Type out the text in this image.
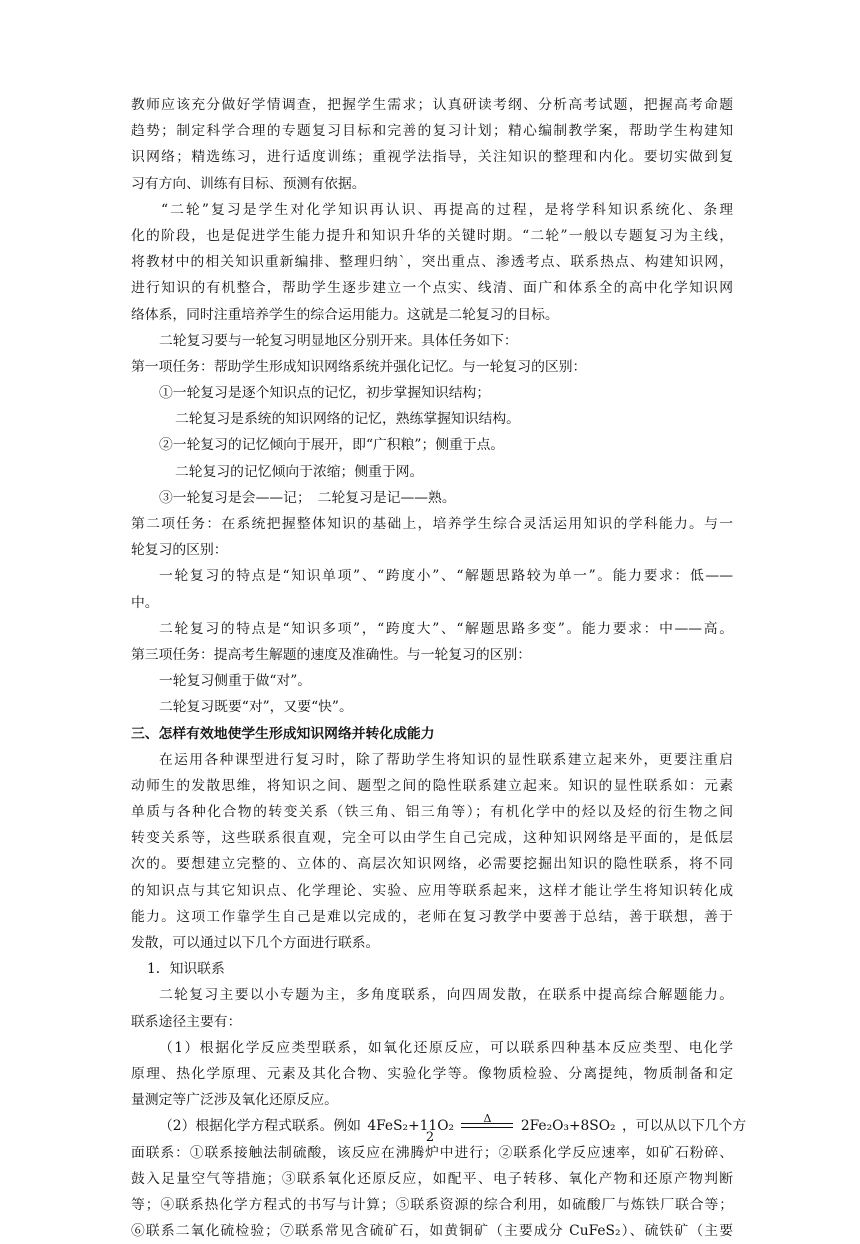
教师应该充分做好学情调查，把握学生需求；认真研读考纲、分析高考试题，把握高考命题
趋势；制定科学合理的专题复习目标和完善的复习计划；精心编制教学案，帮助学生构建知
识网络；精选练习，进行适度训练；重视学法指导，关注知识的整理和内化。要切实做到复
习有方向、训练有目标、预测有依据。
“二轮”复习是学生对化学知识再认识、再提高的过程，是将学科知识系统化、条理
化的阶段，也是促进学生能力提升和知识升华的关键时期。“二轮”一般以专题复习为主线，
将教材中的相关知识重新编排、整理归纳`，突出重点、渗透考点、联系热点、构建知识网，
进行知识的有机整合，帮助学生逐步建立一个点实、线清、面广和体系全的高中化学知识网
络体系，同时注重培养学生的综合运用能力。这就是二轮复习的目标。
二轮复习要与一轮复习明显地区分别开来。具体任务如下：
第一项任务：帮助学生形成知识网络系统并强化记忆。与一轮复习的区别：
①一轮复习是逐个知识点的记忆，初步掌握知识结构；
二轮复习是系统的知识网络的记忆，熟练掌握知识结构。
②一轮复习的记忆倾向于展开，即“广积粮”；侧重于点。
二轮复习的记忆倾向于浓缩；侧重于网。
③一轮复习是会——记；　二轮复习是记——熟。
第二项任务：在系统把握整体知识的基础上，培养学生综合灵活运用知识的学科能力。与一
轮复习的区别：
一轮复习的特点是“知识单项”、“跨度小”、“解题思路较为单一”。能力要求：低——
中。
二轮复习的特点是“知识多项”，“跨度大”、“解题思路多变”。能力要求：中——高。
第三项任务：提高考生解题的速度及准确性。与一轮复习的区别：
一轮复习侧重于做“对”。
二轮复习既要“对”，又要“快”。
三、怎样有效地使学生形成知识网络并转化成能力
在运用各种课型进行复习时，除了帮助学生将知识的显性联系建立起来外，更要注重启
动师生的发散思维，将知识之间、题型之间的隐性联系建立起来。知识的显性联系如：元素
单质与各种化合物的转变关系（铁三角、铝三角等）；有机化学中的烃以及烃的衍生物之间
转变关系等，这些联系很直观，完全可以由学生自己完成，这种知识网络是平面的，是低层
次的。要想建立完整的、立体的、高层次知识网络，必需要挖掘出知识的隐性联系，将不同
的知识点与其它知识点、化学理论、实验、应用等联系起来，这样才能让学生将知识转化成
能力。这项工作靠学生自己是难以完成的，老师在复习教学中要善于总结，善于联想，善于
发散，可以通过以下几个方面进行联系。
1．知识联系
二轮复习主要以小专题为主，多角度联系，向四周发散，在联系中提高综合解题能力。
联系途径主要有：
（1）根据化学反应类型联系，如氧化还原反应，可以联系四种基本反应类型、电化学
原理、热化学原理、元素及其化合物、实验化学等。像物质检验、分离提纯，物质制备和定
量测定等广泛涉及氧化还原反应。
（2）根据化学方程式联系。例如 4FeS₂+11O₂	Δ	2Fe₂O₃+8SO₂ ，可以从以下几个方
面联系：①联系接触法制硫酸，该反应在沸腾炉中进行；②联系化学反应速率，如矿石粉碎、
鼓入足量空气等措施；③联系氧化还原反应，如配平、电子转移、氧化产物和还原产物判断
等；④联系热化学方程式的书写与计算；⑤联系资源的综合利用，如硫酸厂与炼铁厂联合等；
⑥联系二氧化硫检验；⑦联系常见含硫矿石，如黄铜矿（主要成分 CuFeS₂）、硫铁矿（主要
2
